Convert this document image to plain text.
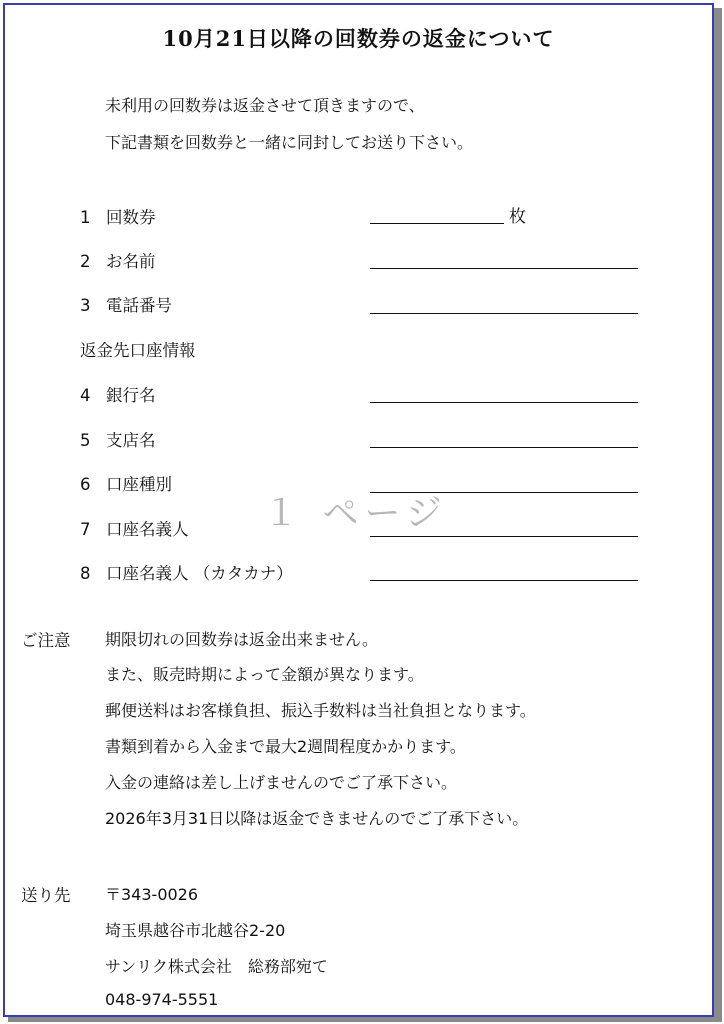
10月21日以降の回数券の返金について
未利用の回数券は返金させて頂きますので、
下記書類を回数券と一緒に同封してお送り下さい。
1 回数券	枚
2 お名前
3 電話番号
返金先口座情報
4 銀行名
5 支店名
6 口座種別
7 口座名義人
8 口座名義人 （カタカナ）
１ ページ
ご注意 期限切れの回数券は返金出来ません。
また、販売時期によって金額が異なります。
郵便送料はお客様負担、振込手数料は当社負担となります。
書類到着から入金まで最大2週間程度かかります。
入金の連絡は差し上げませんのでご了承下さい。
2026年3月31日以降は返金できませんのでご了承下さい。
送り先 〒343-0026
埼玉県越谷市北越谷2-20
サンリク株式会社　総務部宛て
048-974-5551
